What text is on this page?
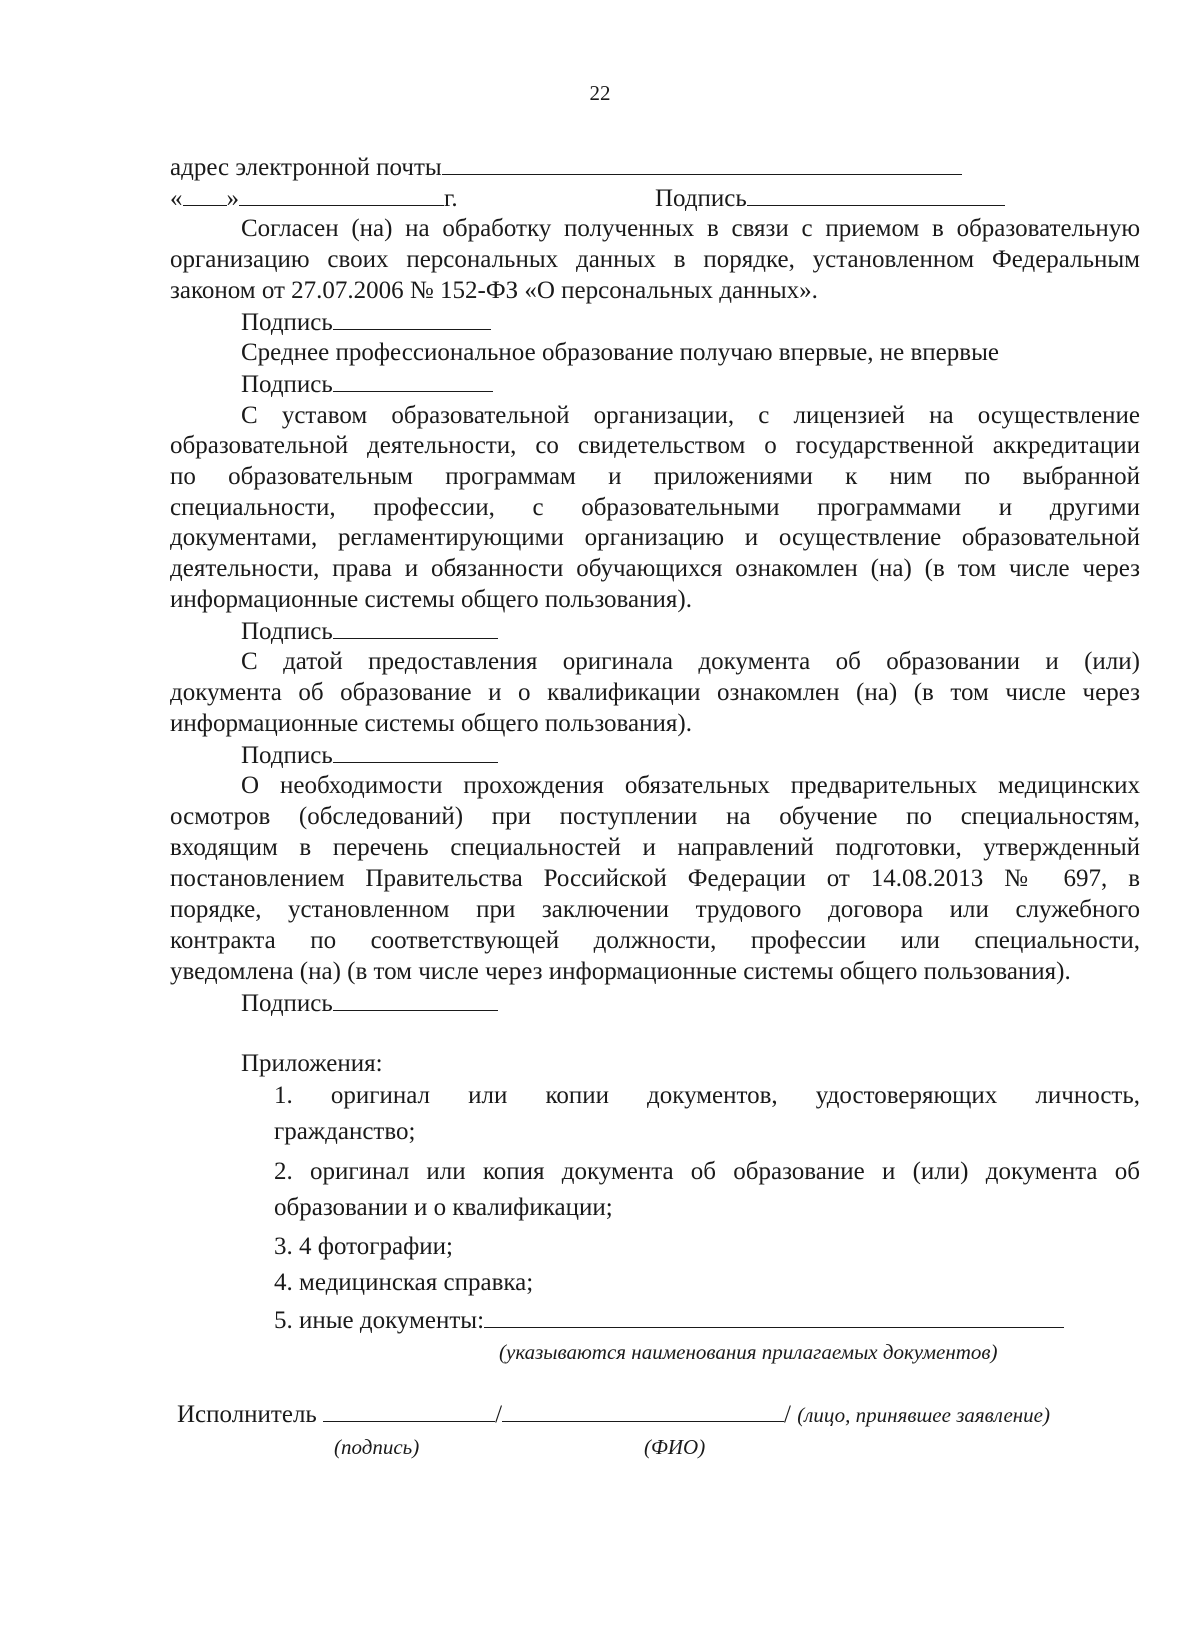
22
адрес электронной почты
« »	г.	Подпись
Согласен (на) на обработку полученных в связи с приемом в образовательную
организацию своих персональных данных в порядке, установленном Федеральным
законом от 27.07.2006 № 152-ФЗ «О персональных данных».
Подпись
Среднее профессиональное образование получаю впервые, не впервые
Подпись
С уставом образовательной организации, с лицензией на осуществление
образовательной деятельности, со свидетельством о государственной аккредитации
по образовательным программам и приложениями к ним по выбранной
специальности, профессии, с образовательными программами и другими
документами, регламентирующими организацию и осуществление образовательной
деятельности, права и обязанности обучающихся ознакомлен (на) (в том числе через
информационные системы общего пользования).
Подпись
С датой предоставления оригинала документа об образовании и (или)
документа об образование и о квалификации ознакомлен (на) (в том числе через
информационные системы общего пользования).
Подпись
О необходимости прохождения обязательных предварительных медицинских
осмотров (обследований) при поступлении на обучение по специальностям,
входящим в перечень специальностей и направлений подготовки, утвержденный
постановлением Правительства Российской Федерации от 14.08.2013 № 697, в
порядке, установленном при заключении трудового договора или служебного
контракта по соответствующей должности, профессии или специальности,
уведомлена (на) (в том числе через информационные системы общего пользования).
Подпись
Приложения:
1. оригинал или копии документов, удостоверяющих личность,
гражданство;
2. оригинал или копия документа об образование и (или) документа об
образовании и о квалификации;
3. 4 фотографии;
4. медицинская справка;
5. иные документы:
(указываются наименования прилагаемых документов)
Исполнитель	/	/ (лицо, принявшее заявление)
(подпись)	(ФИО)
